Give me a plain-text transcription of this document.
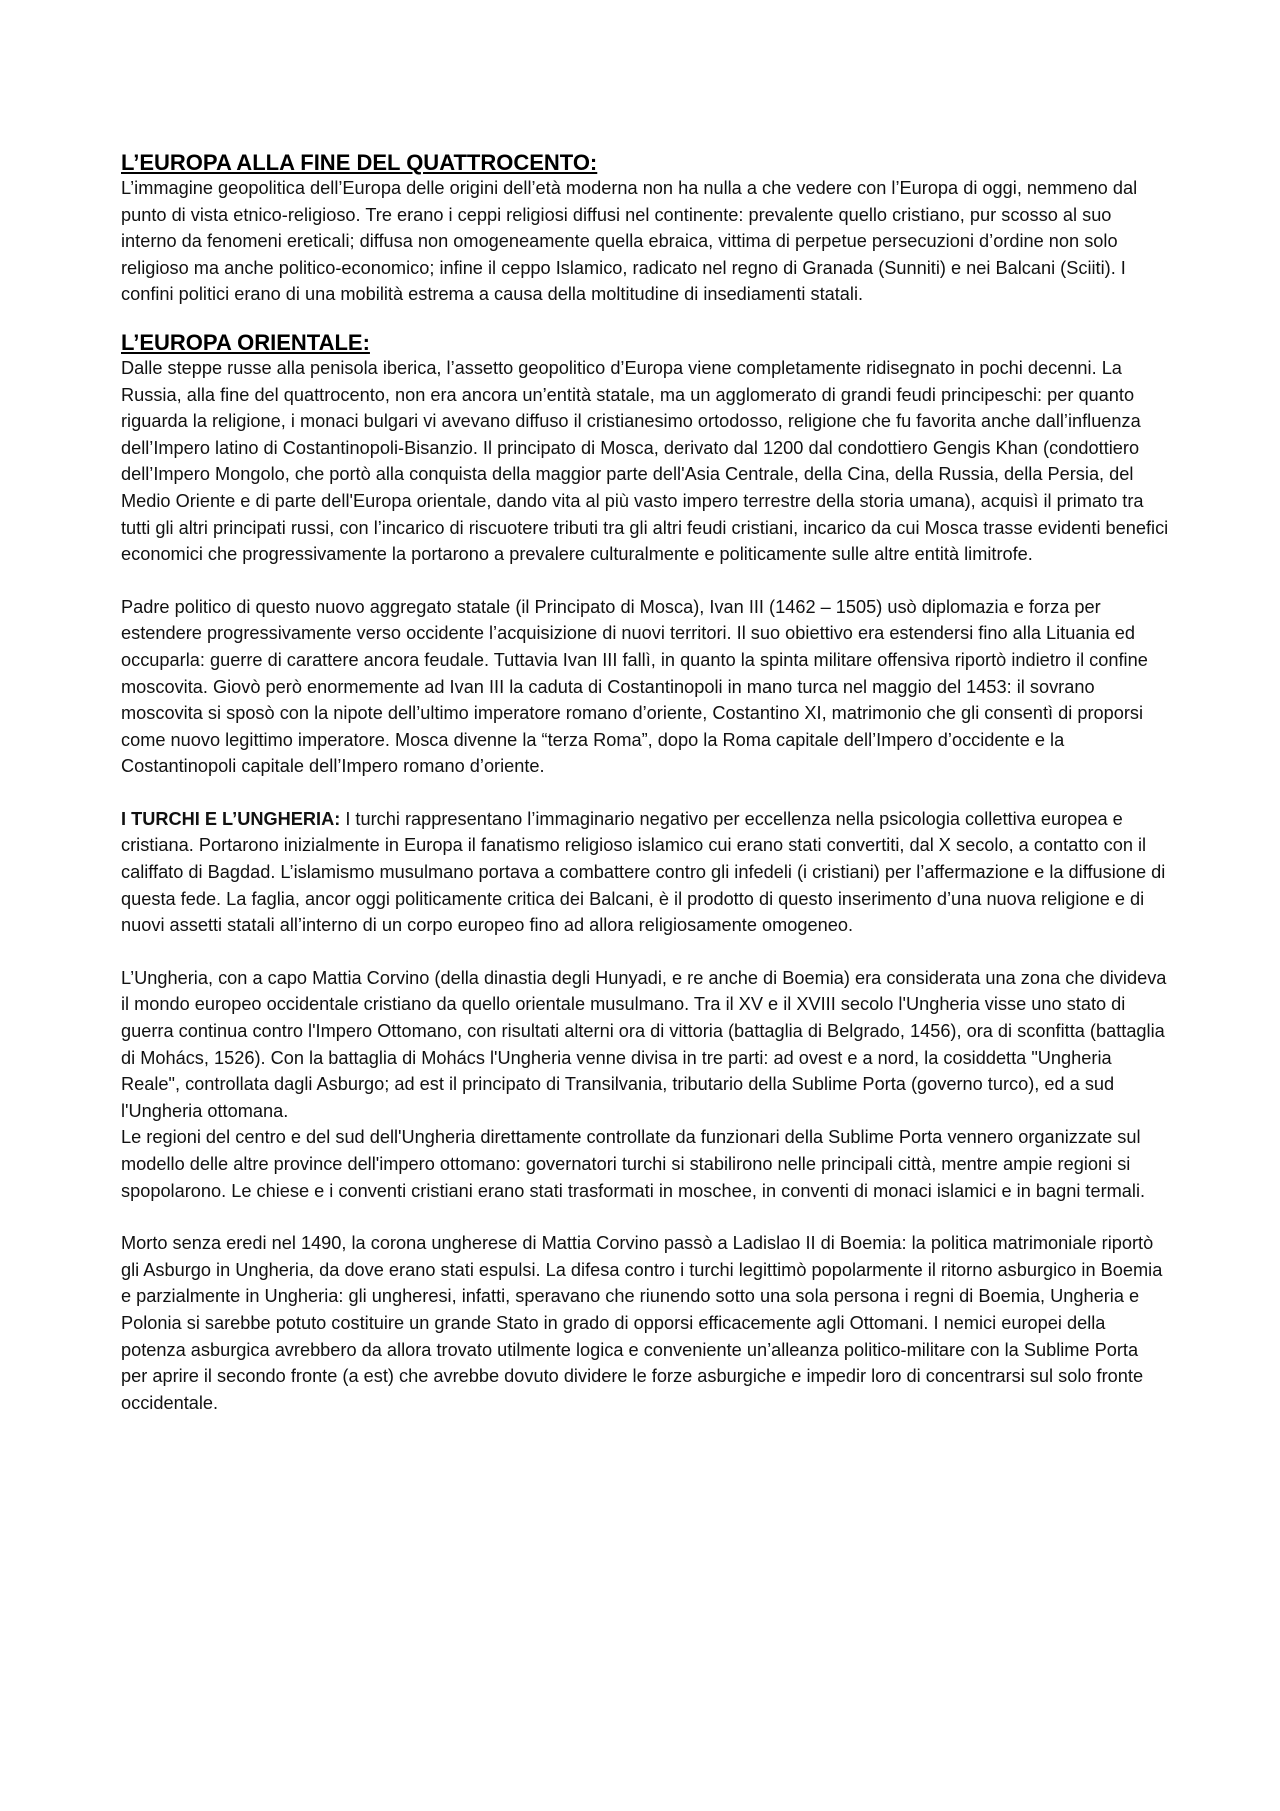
L’EUROPA ALLA FINE DEL QUATTROCENTO:

L’immagine geopolitica dell’Europa delle origini dell’età moderna non ha nulla a che vedere con l’Europa di oggi, nemmeno dal punto di vista etnico-religioso. Tre erano i ceppi religiosi diffusi nel continente: prevalente quello cristiano, pur scosso al suo interno da fenomeni ereticali; diffusa non omogeneamente quella ebraica, vittima di perpetue persecuzioni d’ordine non solo religioso ma anche politico-economico; infine il ceppo Islamico, radicato nel regno di Granada (Sunniti) e nei Balcani (Sciiti). I confini politici erano di una mobilità estrema a causa della moltitudine di insediamenti statali.

L’EUROPA ORIENTALE:

Dalle steppe russe alla penisola iberica, l’assetto geopolitico d’Europa viene completamente ridisegnato in pochi decenni. La Russia, alla fine del quattrocento, non era ancora un’entità statale, ma un agglomerato di grandi feudi principeschi: per quanto riguarda la religione, i monaci bulgari vi avevano diffuso il cristianesimo ortodosso, religione che fu favorita anche dall’influenza dell’Impero latino di Costantinopoli-Bisanzio. Il principato di Mosca, derivato dal 1200 dal condottiero Gengis Khan (condottiero dell’Impero Mongolo, che portò alla conquista della maggior parte dell'Asia Centrale, della Cina, della Russia, della Persia, del Medio Oriente e di parte dell'Europa orientale, dando vita al più vasto impero terrestre della storia umana), acquisì il primato tra tutti gli altri principati russi, con l’incarico di riscuotere tributi tra gli altri feudi cristiani, incarico da cui Mosca trasse evidenti benefici economici che progressivamente la portarono a prevalere culturalmente e politicamente sulle altre entità limitrofe.

Padre politico di questo nuovo aggregato statale (il Principato di Mosca), Ivan III (1462 – 1505) usò diplomazia e forza per estendere progressivamente verso occidente l’acquisizione di nuovi territori. Il suo obiettivo era estendersi fino alla Lituania ed occuparla: guerre di carattere ancora feudale. Tuttavia Ivan III fallì, in quanto la spinta militare offensiva riportò indietro il confine moscovita. Giovò però enormemente ad Ivan III la caduta di Costantinopoli in mano turca nel maggio del 1453: il sovrano moscovita si sposò con la nipote dell’ultimo imperatore romano d’oriente, Costantino XI, matrimonio che gli consentì di proporsi come nuovo legittimo imperatore. Mosca divenne la “terza Roma”, dopo la Roma capitale dell’Impero d’occidente e la Costantinopoli capitale dell’Impero romano d’oriente.

I TURCHI E L’UNGHERIA: I turchi rappresentano l’immaginario negativo per eccellenza nella psicologia collettiva europea e cristiana. Portarono inizialmente in Europa il fanatismo religioso islamico cui erano stati convertiti, dal X secolo, a contatto con il califfato di Bagdad. L’islamismo musulmano portava a combattere contro gli infedeli (i cristiani) per l’affermazione e la diffusione di questa fede. La faglia, ancor oggi politicamente critica dei Balcani, è il prodotto di questo inserimento d’una nuova religione e di nuovi assetti statali all’interno di un corpo europeo fino ad allora religiosamente omogeneo.

L’Ungheria, con a capo Mattia Corvino (della dinastia degli Hunyadi, e re anche di Boemia) era considerata una zona che divideva il mondo europeo occidentale cristiano da quello orientale musulmano. Tra il XV e il XVIII secolo l'Ungheria visse uno stato di guerra continua contro l'Impero Ottomano, con risultati alterni ora di vittoria (battaglia di Belgrado, 1456), ora di sconfitta (battaglia di Mohács, 1526). Con la battaglia di Mohács l'Ungheria venne divisa in tre parti: ad ovest e a nord, la cosiddetta "Ungheria Reale", controllata dagli Asburgo; ad est il principato di Transilvania, tributario della Sublime Porta (governo turco), ed a sud l'Ungheria ottomana.

Le regioni del centro e del sud dell'Ungheria direttamente controllate da funzionari della Sublime Porta vennero organizzate sul modello delle altre province dell'impero ottomano: governatori turchi si stabilirono nelle principali città, mentre ampie regioni si spopolarono. Le chiese e i conventi cristiani erano stati trasformati in moschee, in conventi di monaci islamici e in bagni termali.

Morto senza eredi nel 1490, la corona ungherese di Mattia Corvino passò a Ladislao II di Boemia: la politica matrimoniale riportò gli Asburgo in Ungheria, da dove erano stati espulsi. La difesa contro i turchi legittimò popolarmente il ritorno asburgico in Boemia e parzialmente in Ungheria: gli ungheresi, infatti, speravano che riunendo sotto una sola persona i regni di Boemia, Ungheria e Polonia si sarebbe potuto costituire un grande Stato in grado di opporsi efficacemente agli Ottomani. I nemici europei della potenza asburgica avrebbero da allora trovato utilmente logica e conveniente un’alleanza politico-militare con la Sublime Porta per aprire il secondo fronte (a est) che avrebbe dovuto dividere le forze asburgiche e impedir loro di concentrarsi sul solo fronte occidentale.
